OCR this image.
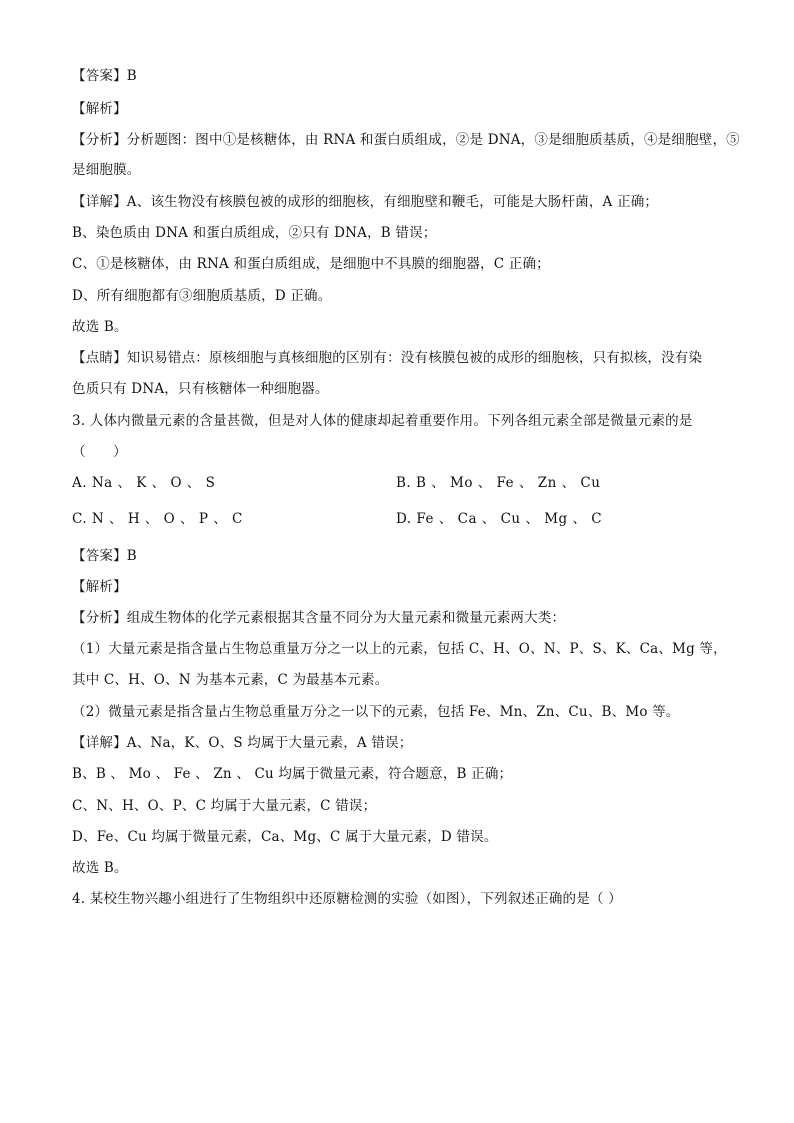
【答案】B
【解析】
【分析】分析题图：图中①是核糖体，由 RNA 和蛋白质组成，②是 DNA，③是细胞质基质，④是细胞壁，⑤
是细胞膜。
【详解】A、该生物没有核膜包被的成形的细胞核，有细胞壁和鞭毛，可能是大肠杆菌，A 正确；
B、染色质由 DNA 和蛋白质组成，②只有 DNA，B 错误；
C、①是核糖体，由 RNA 和蛋白质组成，是细胞中不具膜的细胞器，C 正确；
D、所有细胞都有③细胞质基质，D 正确。
故选 B。
【点睛】知识易错点：原核细胞与真核细胞的区别有：没有核膜包被的成形的细胞核，只有拟核，没有染
色质只有 DNA，只有核糖体一种细胞器。
3. 人体内微量元素的含量甚微，但是对人体的健康却起着重要作用。下列各组元素全部是微量元素的是
（　　）
A. Na 、 K 、 O 、 S	B. B 、 Mo 、 Fe 、 Zn 、 Cu
C. N 、 H 、 O 、 P 、 C	D. Fe 、 Ca 、 Cu 、 Mg 、 C
【答案】B
【解析】
【分析】组成生物体的化学元素根据其含量不同分为大量元素和微量元素两大类：
（1）大量元素是指含量占生物总重量万分之一以上的元素，包括 C、H、O、N、P、S、K、Ca、Mg 等，
其中 C、H、O、N 为基本元素，C 为最基本元素。
（2）微量元素是指含量占生物总重量万分之一以下的元素，包括 Fe、Mn、Zn、Cu、B、Mo 等。
【详解】A、Na，K、O、S 均属于大量元素，A 错误；
B、B 、 Mo 、 Fe 、 Zn 、 Cu 均属于微量元素，符合题意，B 正确；
C、N、H、O、P、C 均属于大量元素，C 错误；
D、Fe、Cu 均属于微量元素，Ca、Mg、C 属于大量元素，D 错误。
故选 B。
4. 某校生物兴趣小组进行了生物组织中还原糖检测的实验（如图），下列叙述正确的是（ ）
